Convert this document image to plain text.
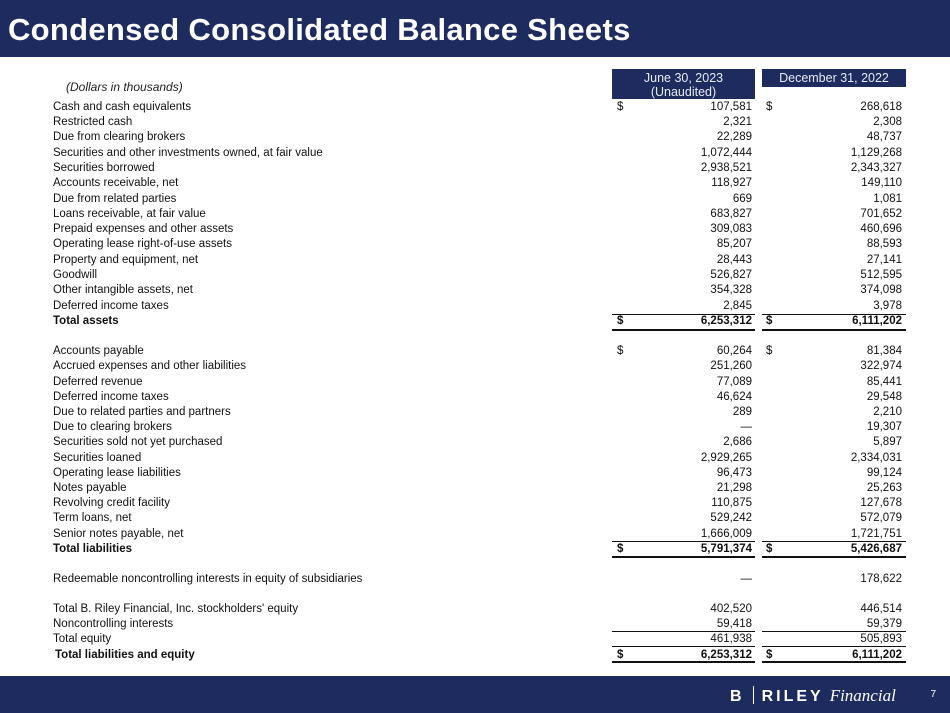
Condensed Consolidated Balance Sheets
(Dollars in thousands)
June 30, 2023
(Unaudited)
December 31, 2022
Cash and cash equivalents	$	107,581 $	268,618
Restricted cash	2,321	2,308
Due from clearing brokers	22,289	48,737
Securities and other investments owned, at fair value	1,072,444	1,129,268
Securities borrowed	2,938,521	2,343,327
Accounts receivable, net	118,927	149,110
Due from related parties	669	1,081
Loans receivable, at fair value	683,827	701,652
Prepaid expenses and other assets	309,083	460,696
Operating lease right-of-use assets	85,207	88,593
Property and equipment, net	28,443	27,141
Goodwill	526,827	512,595
Other intangible assets, net	354,328	374,098
Deferred income taxes	2,845	3,978
Total assets	$	6,253,312 $	6,111,202
Accounts payable	$	60,264 $	81,384
Accrued expenses and other liabilities	251,260	322,974
Deferred revenue	77,089	85,441
Deferred income taxes	46,624	29,548
Due to related parties and partners	289	2,210
Due to clearing brokers	—	19,307
Securities sold not yet purchased	2,686	5,897
Securities loaned	2,929,265	2,334,031
Operating lease liabilities	96,473	99,124
Notes payable	21,298	25,263
Revolving credit facility	110,875	127,678
Term loans, net	529,242	572,079
Senior notes payable, net	1,666,009	1,721,751
Total liabilities	$	5,791,374 $	5,426,687
Redeemable noncontrolling interests in equity of subsidiaries	—	178,622
Total B. Riley Financial, Inc. stockholders' equity	402,520	446,514
Noncontrolling interests	59,418	59,379
Total equity	461,938	505,893
Total liabilities and equity	$	6,253,312 $	6,111,202
B RILEY Financial	7
